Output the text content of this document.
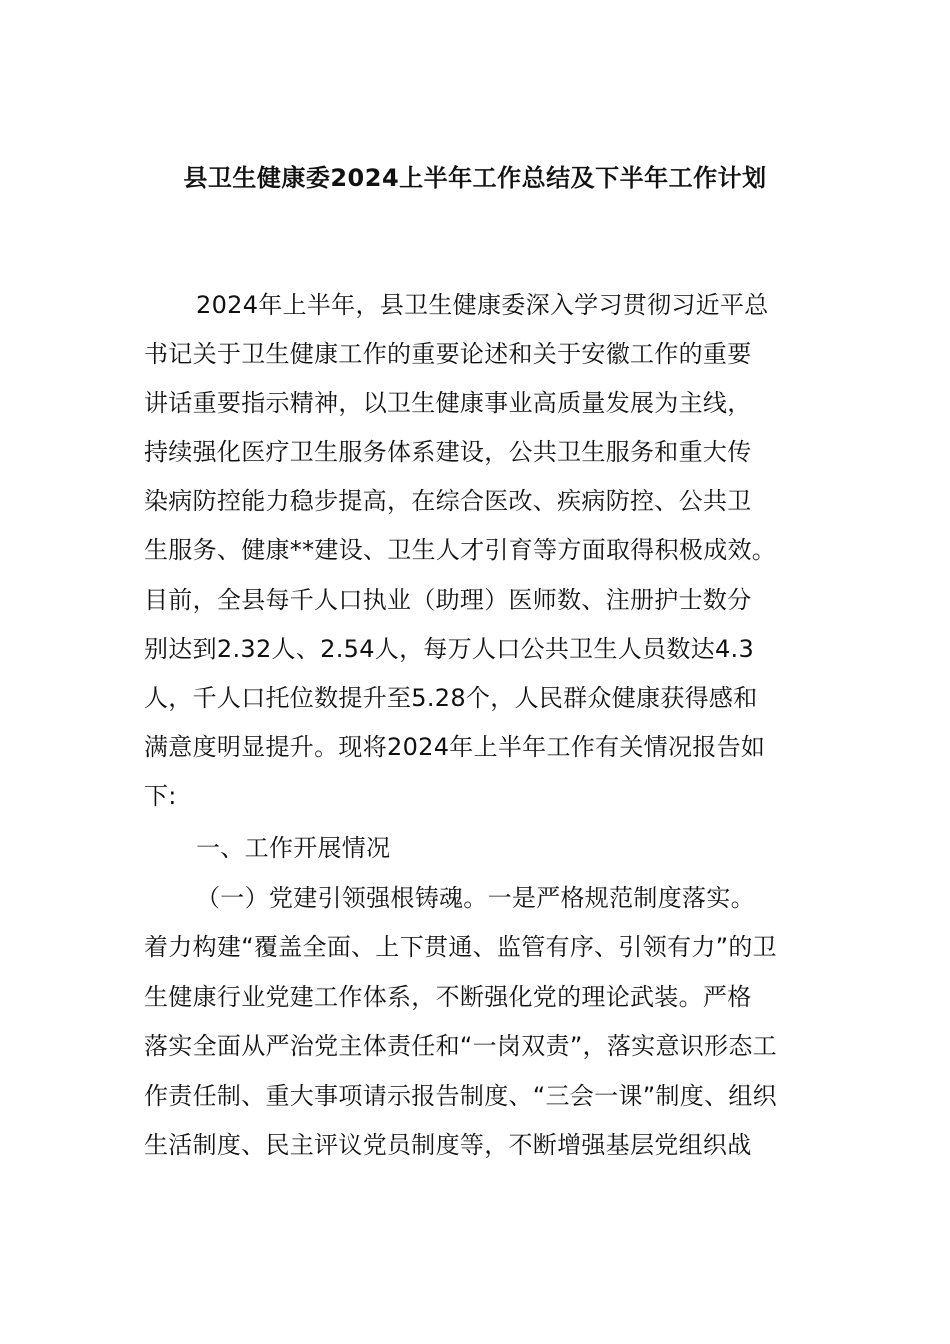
县卫生健康委2024上半年工作总结及下半年工作计划
2024年上半年，县卫生健康委深入学习贯彻习近平总
书记关于卫生健康工作的重要论述和关于安徽工作的重要
讲话重要指示精神，以卫生健康事业高质量发展为主线，
持续强化医疗卫生服务体系建设，公共卫生服务和重大传
染病防控能力稳步提高，在综合医改、疾病防控、公共卫
生服务、健康**建设、卫生人才引育等方面取得积极成效。
目前，全县每千人口执业（助理）医师数、注册护士数分
别达到2.32人、2.54人，每万人口公共卫生人员数达4.3
人，千人口托位数提升至5.28个，人民群众健康获得感和
满意度明显提升。现将2024年上半年工作有关情况报告如
下:
一、工作开展情况
（一）党建引领强根铸魂。一是严格规范制度落实。
着力构建“覆盖全面、上下贯通、监管有序、引领有力”的卫
生健康行业党建工作体系，不断强化党的理论武装。严格
落实全面从严治党主体责任和“一岗双责”，落实意识形态工
作责任制、重大事项请示报告制度、“三会一课”制度、组织
生活制度、民主评议党员制度等，不断增强基层党组织战
